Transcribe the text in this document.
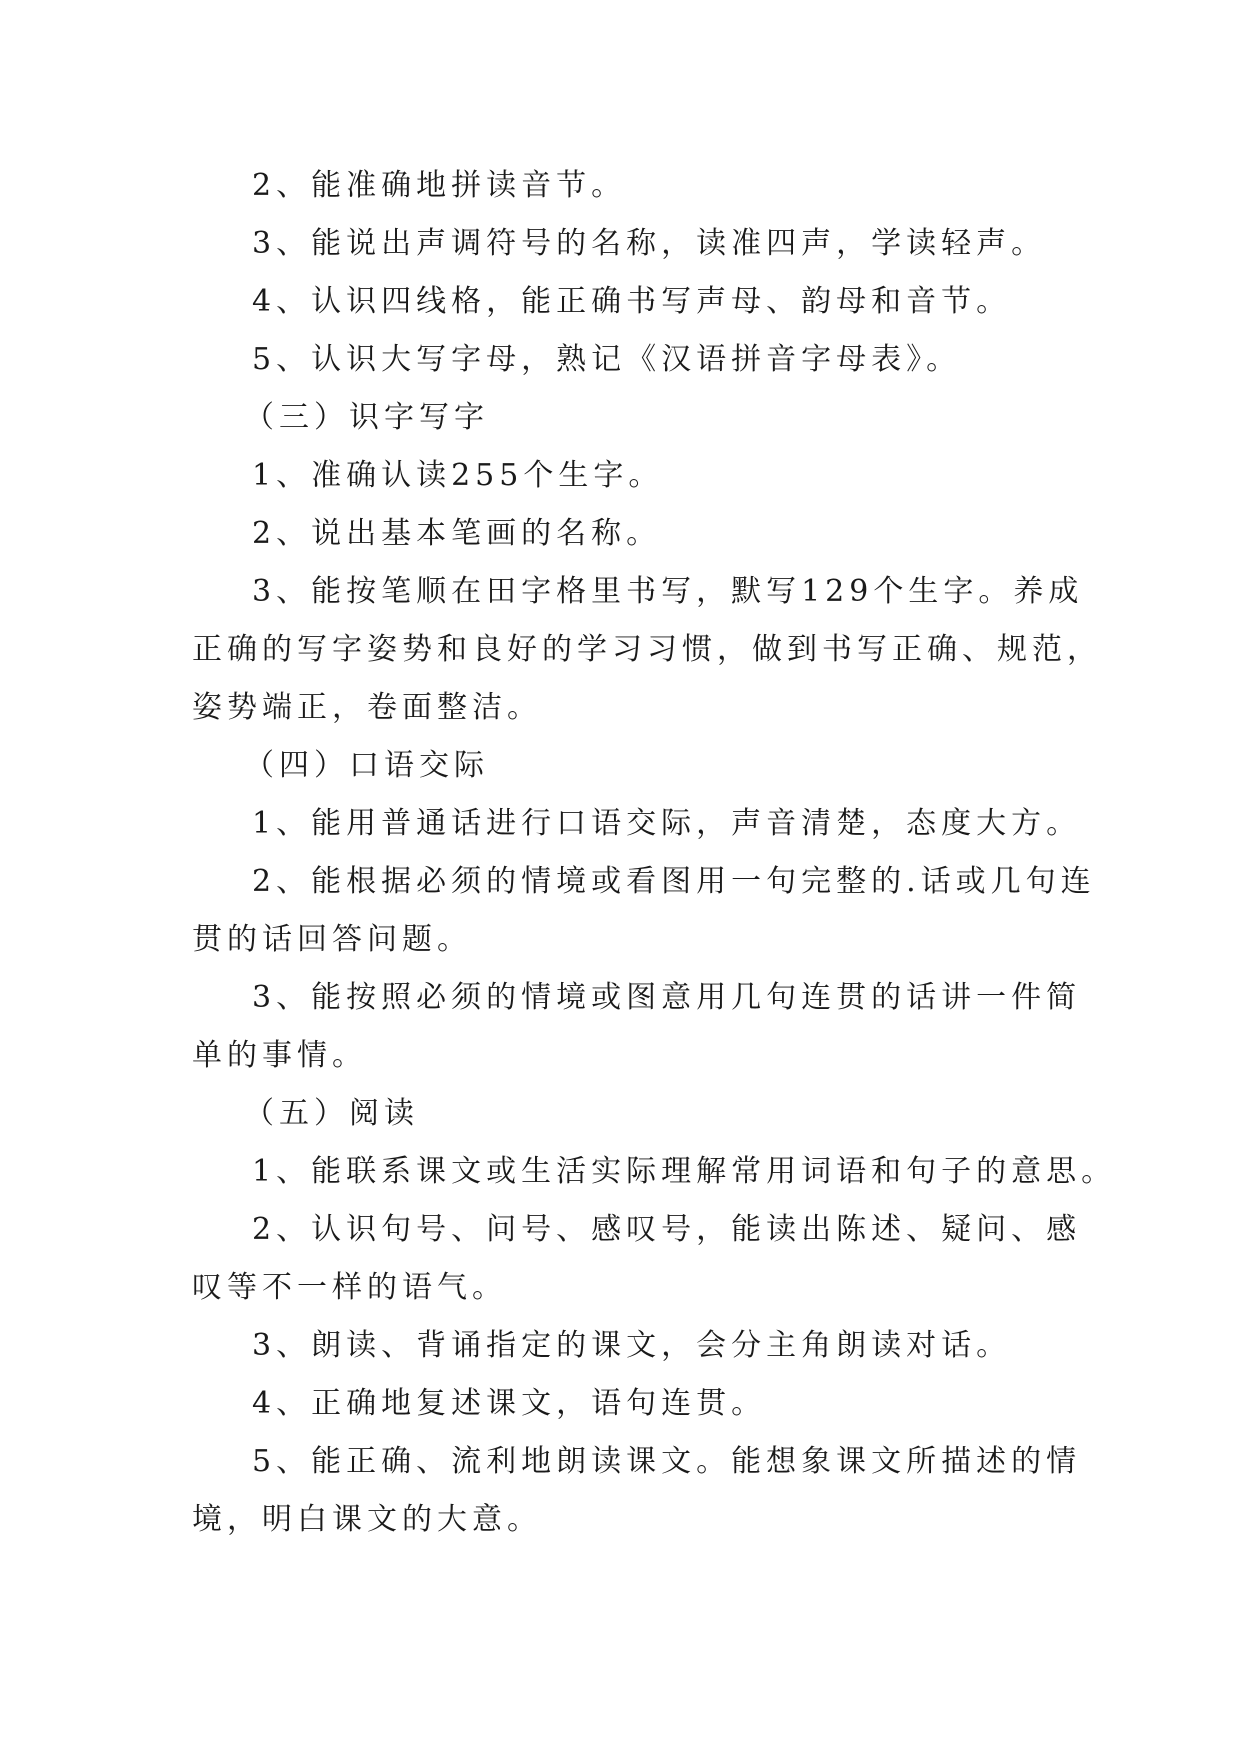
2、能准确地拼读音节。
3、能说出声调符号的名称，读准四声，学读轻声。
4、认识四线格，能正确书写声母、韵母和音节。
5、认识大写字母，熟记《汉语拼音字母表》。
（三）识字写字
1、准确认读255个生字。
2、说出基本笔画的名称。
3、能按笔顺在田字格里书写，默写129个生字。养成
正确的写字姿势和良好的学习习惯，做到书写正确、规范，
姿势端正，卷面整洁。
（四）口语交际
1、能用普通话进行口语交际，声音清楚，态度大方。
2、能根据必须的情境或看图用一句完整的.话或几句连
贯的话回答问题。
3、能按照必须的情境或图意用几句连贯的话讲一件简
单的事情。
（五）阅读
1、能联系课文或生活实际理解常用词语和句子的意思。
2、认识句号、问号、感叹号，能读出陈述、疑问、感
叹等不一样的语气。
3、朗读、背诵指定的课文，会分主角朗读对话。
4、正确地复述课文，语句连贯。
5、能正确、流利地朗读课文。能想象课文所描述的情
境，明白课文的大意。
